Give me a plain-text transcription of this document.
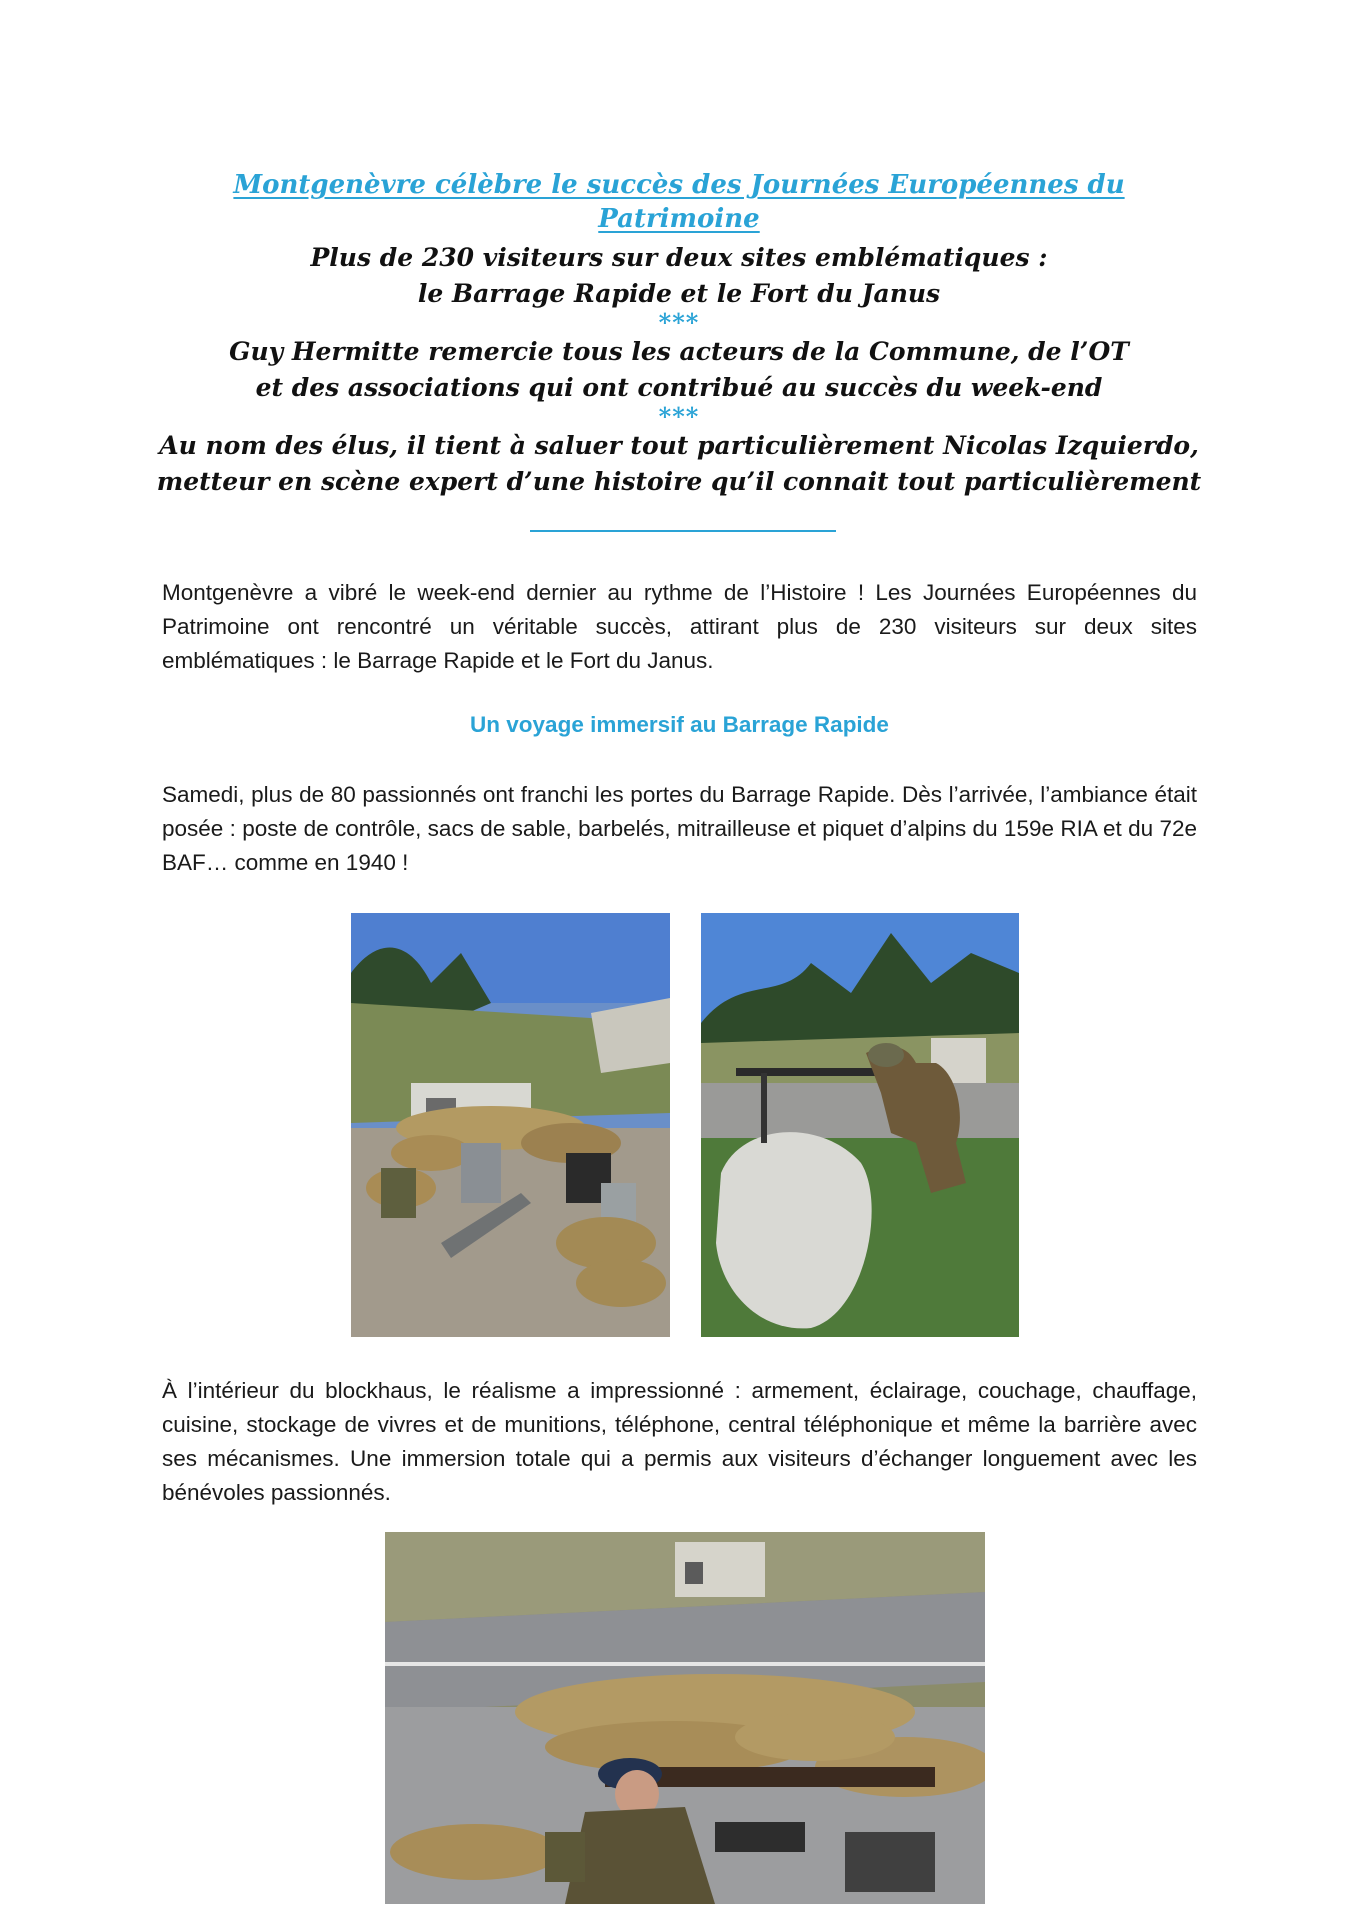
Montgenèvre célèbre le succès des Journées Européennes du Patrimoine

Plus de 230 visiteurs sur deux sites emblématiques :

le Barrage Rapide et le Fort du Janus

***

Guy Hermitte remercie tous les acteurs de la Commune, de l’OT

et des associations qui ont contribué au succès du week-end

***

Au nom des élus, il tient à saluer tout particulièrement Nicolas Izquierdo,

metteur en scène expert d’une histoire qu’il connait tout particulièrement

Montgenèvre a vibré le week-end dernier au rythme de l’Histoire ! Les Journées Européennes du Patrimoine ont rencontré un véritable succès, attirant plus de 230 visiteurs sur deux sites emblématiques : le Barrage Rapide et le Fort du Janus.

Un voyage immersif au Barrage Rapide

Samedi, plus de 80 passionnés ont franchi les portes du Barrage Rapide. Dès l’arrivée, l’ambiance était posée : poste de contrôle, sacs de sable, barbelés, mitrailleuse et piquet d’alpins du 159e RIA et du 72e BAF… comme en 1940 !

À l’intérieur du blockhaus, le réalisme a impressionné : armement, éclairage, couchage, chauffage, cuisine, stockage de vivres et de munitions, téléphone, central téléphonique et même la barrière avec ses mécanismes. Une immersion totale qui a permis aux visiteurs d’échanger longuement avec les bénévoles passionnés.
